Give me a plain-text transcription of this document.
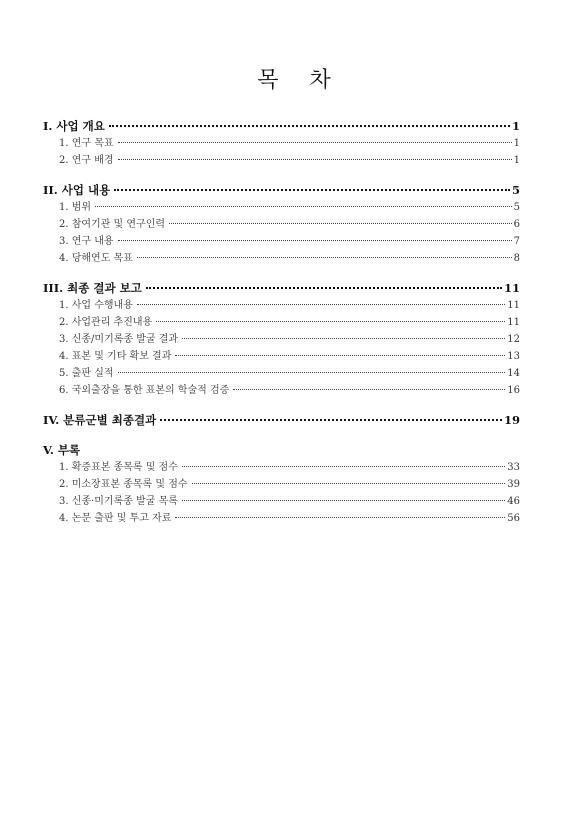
목 차
I. 사업 개요	1
1. 연구 목표	1
2. 연구 배경	1
II. 사업 내용	5
1. 범위	5
2. 참여기관 및 연구인력	6
3. 연구 내용	7
4. 당해연도 목표	8
III. 최종 결과 보고	11
1. 사업 수행내용	11
2. 사업관리 추진내용	11
3. 신종/미기록종 발굴 결과	12
4. 표본 및 기타 확보 결과	13
5. 출판 실적	14
6. 국외출장을 통한 표본의 학술적 검증	16
IV. 분류군별 최종결과	19
V. 부록
1. 확증표본 종목록 및 점수	33
2. 미소장표본 종목록 및 점수	39
3. 신종·미기록종 발굴 목록	46
4. 논문 출판 및 투고 자료	56
